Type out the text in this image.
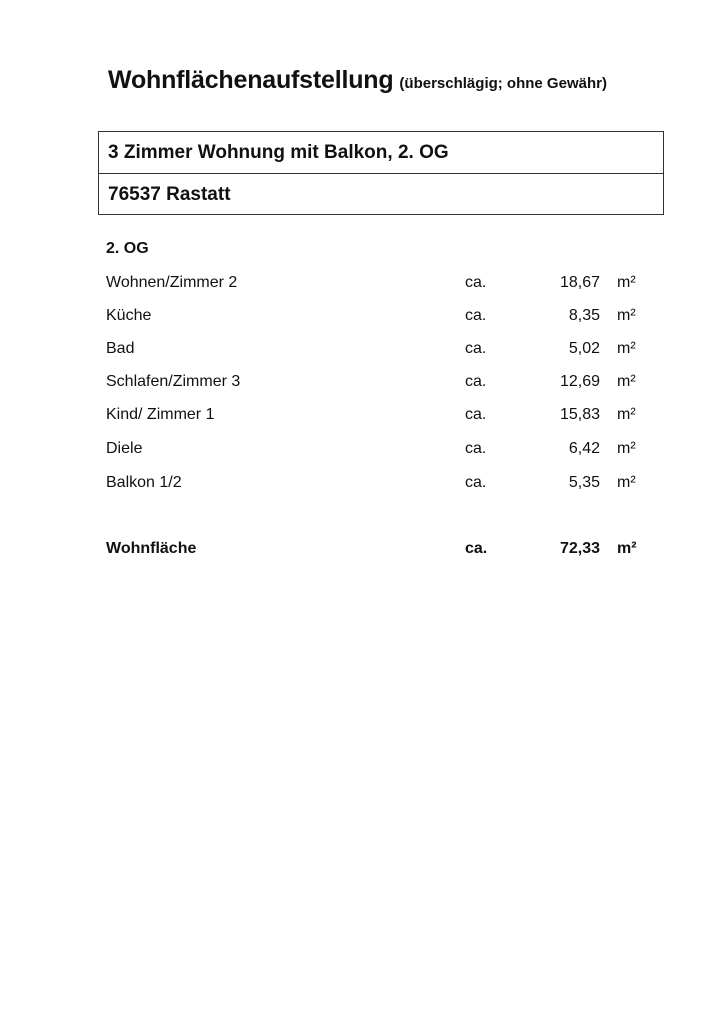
Wohnflächenaufstellung (überschlägig; ohne Gewähr)
3 Zimmer Wohnung mit Balkon, 2. OG
76537 Rastatt
2. OG
Wohnen/Zimmer 2	ca.	18,67 m²
Küche	ca.	8,35 m²
Bad	ca.	5,02 m²
Schlafen/Zimmer 3	ca.	12,69 m²
Kind/ Zimmer 1	ca.	15,83 m²
Diele	ca.	6,42 m²
Balkon 1/2	ca.	5,35 m²
Wohnfläche	ca.	72,33 m²
